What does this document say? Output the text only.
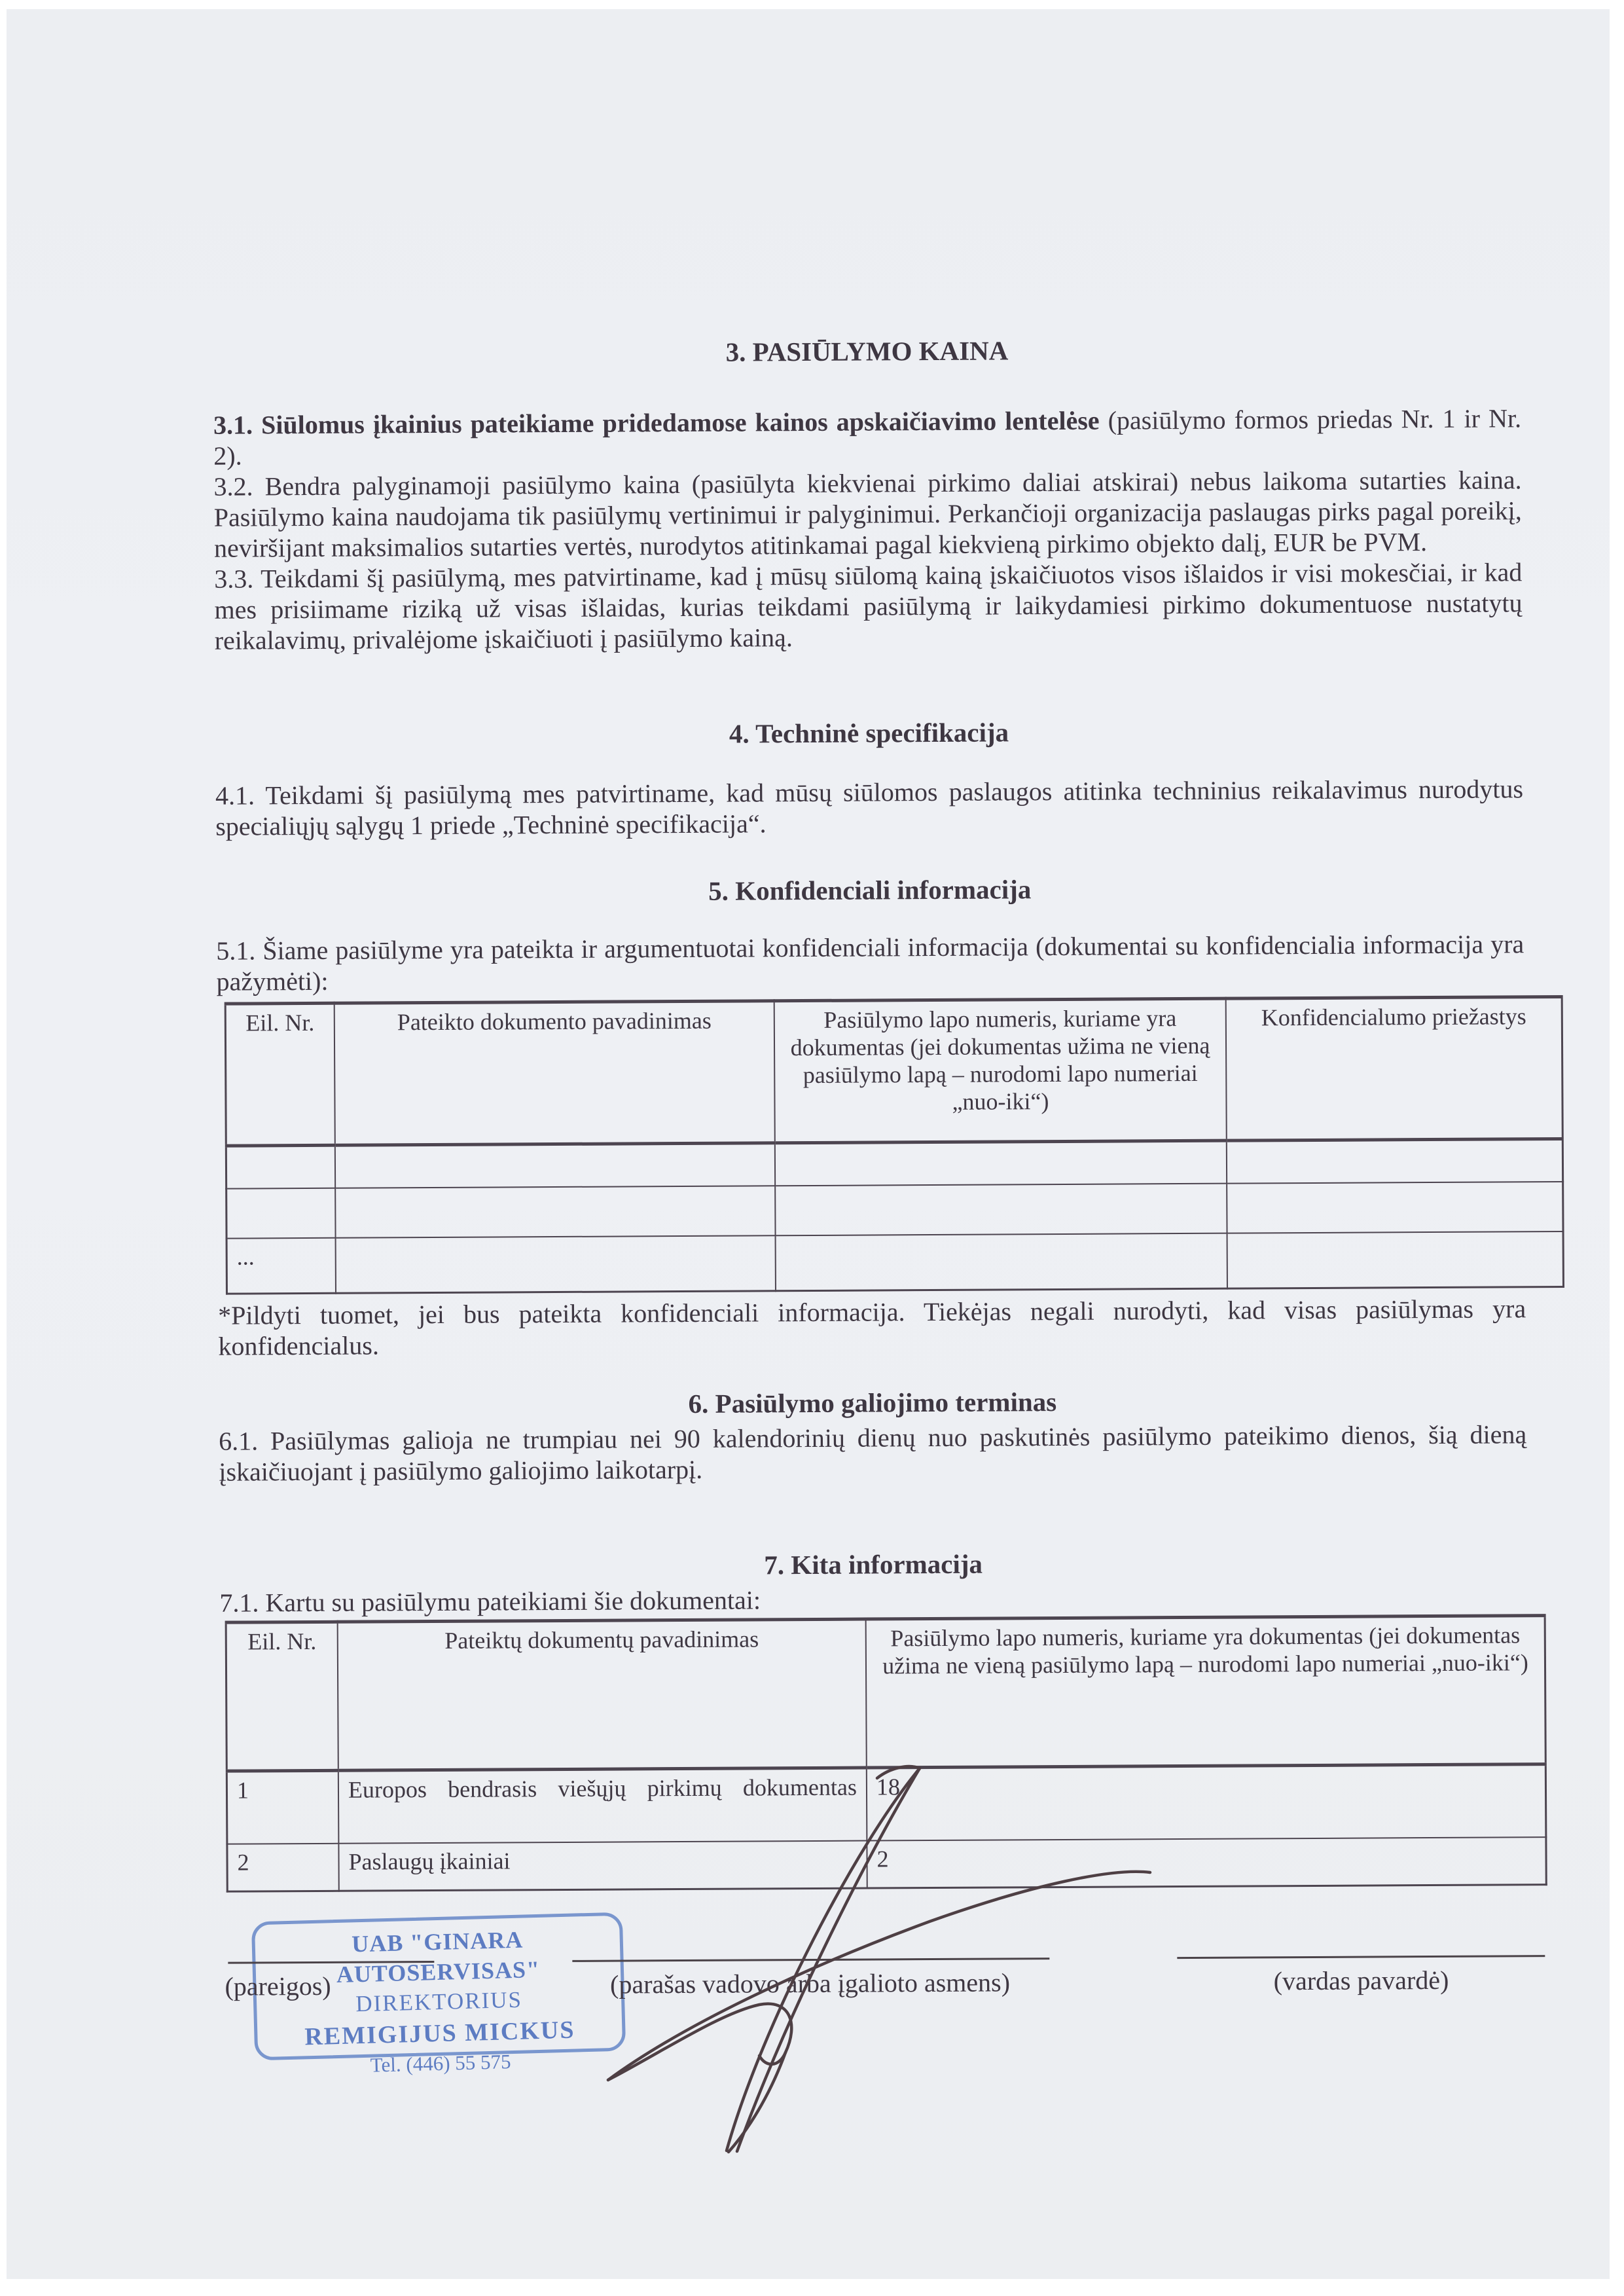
3. PASIŪLYMO KAINA

3.1. Siūlomus įkainius pateikiame pridedamose kainos apskaičiavimo lentelėse (pasiūlymo formos priedas Nr. 1 ir Nr. 2).

3.2. Bendra palyginamoji pasiūlymo kaina (pasiūlyta kiekvienai pirkimo daliai atskirai) nebus laikoma sutarties kaina. Pasiūlymo kaina naudojama tik pasiūlymų vertinimui ir palyginimui. Perkančioji organizacija paslaugas pirks pagal poreikį, neviršijant maksimalios sutarties vertės, nurodytos atitinkamai pagal kiekvieną pirkimo objekto dalį, EUR be PVM.

3.3. Teikdami šį pasiūlymą, mes patvirtiname, kad į mūsų siūlomą kainą įskaičiuotos visos išlaidos ir visi mokesčiai, ir kad mes prisiimame riziką už visas išlaidas, kurias teikdami pasiūlymą ir laikydamiesi pirkimo dokumentuose nustatytų reikalavimų, privalėjome įskaičiuoti į pasiūlymo kainą.

4. Techninė specifikacija

4.1. Teikdami šį pasiūlymą mes patvirtiname, kad mūsų siūlomos paslaugos atitinka techninius reikalavimus nurodytus specialiųjų sąlygų 1 priede „Techninė specifikacija“.

5. Konfidenciali informacija

5.1. Šiame pasiūlyme yra pateikta ir argumentuotai konfidenciali informacija (dokumentai su konfidencialia informacija yra pažymėti):

Eil. Nr.	Pateikto dokumento pavadinimas	Pasiūlymo lapo numeris, kuriame yra dokumentas (jei dokumentas užima ne vieną pasiūlymo lapą – nurodomi lapo numeriai „nuo-iki“)	Konfidencialumo priežastys

...			

*Pildyti tuomet, jei bus pateikta konfidenciali informacija. Tiekėjas negali nurodyti, kad visas pasiūlymas yra konfidencialus.

6. Pasiūlymo galiojimo terminas

6.1. Pasiūlymas galioja ne trumpiau nei 90 kalendorinių dienų nuo paskutinės pasiūlymo pateikimo dienos, šią dieną įskaičiuojant į pasiūlymo galiojimo laikotarpį.

7. Kita informacija

7.1. Kartu su pasiūlymu pateikiami šie dokumentai:

Eil. Nr.	Pateiktų dokumentų pavadinimas	Pasiūlymo lapo numeris, kuriame yra dokumentas (jei dokumentas užima ne vieną pasiūlymo lapą – nurodomi lapo numeriai „nuo-iki“)
1	Europos bendrasis viešųjų pirkimų dokumentas	18
2	Paslaugų įkainiai	2
UAB "GINARA AUTOSERVISAS"
DIREKTORIUS
REMIGIJUS MICKUS
Tel. (446) 55 575
(pareigos)	(parašas vadovo arba įgalioto asmens)	(vardas pavardė)
